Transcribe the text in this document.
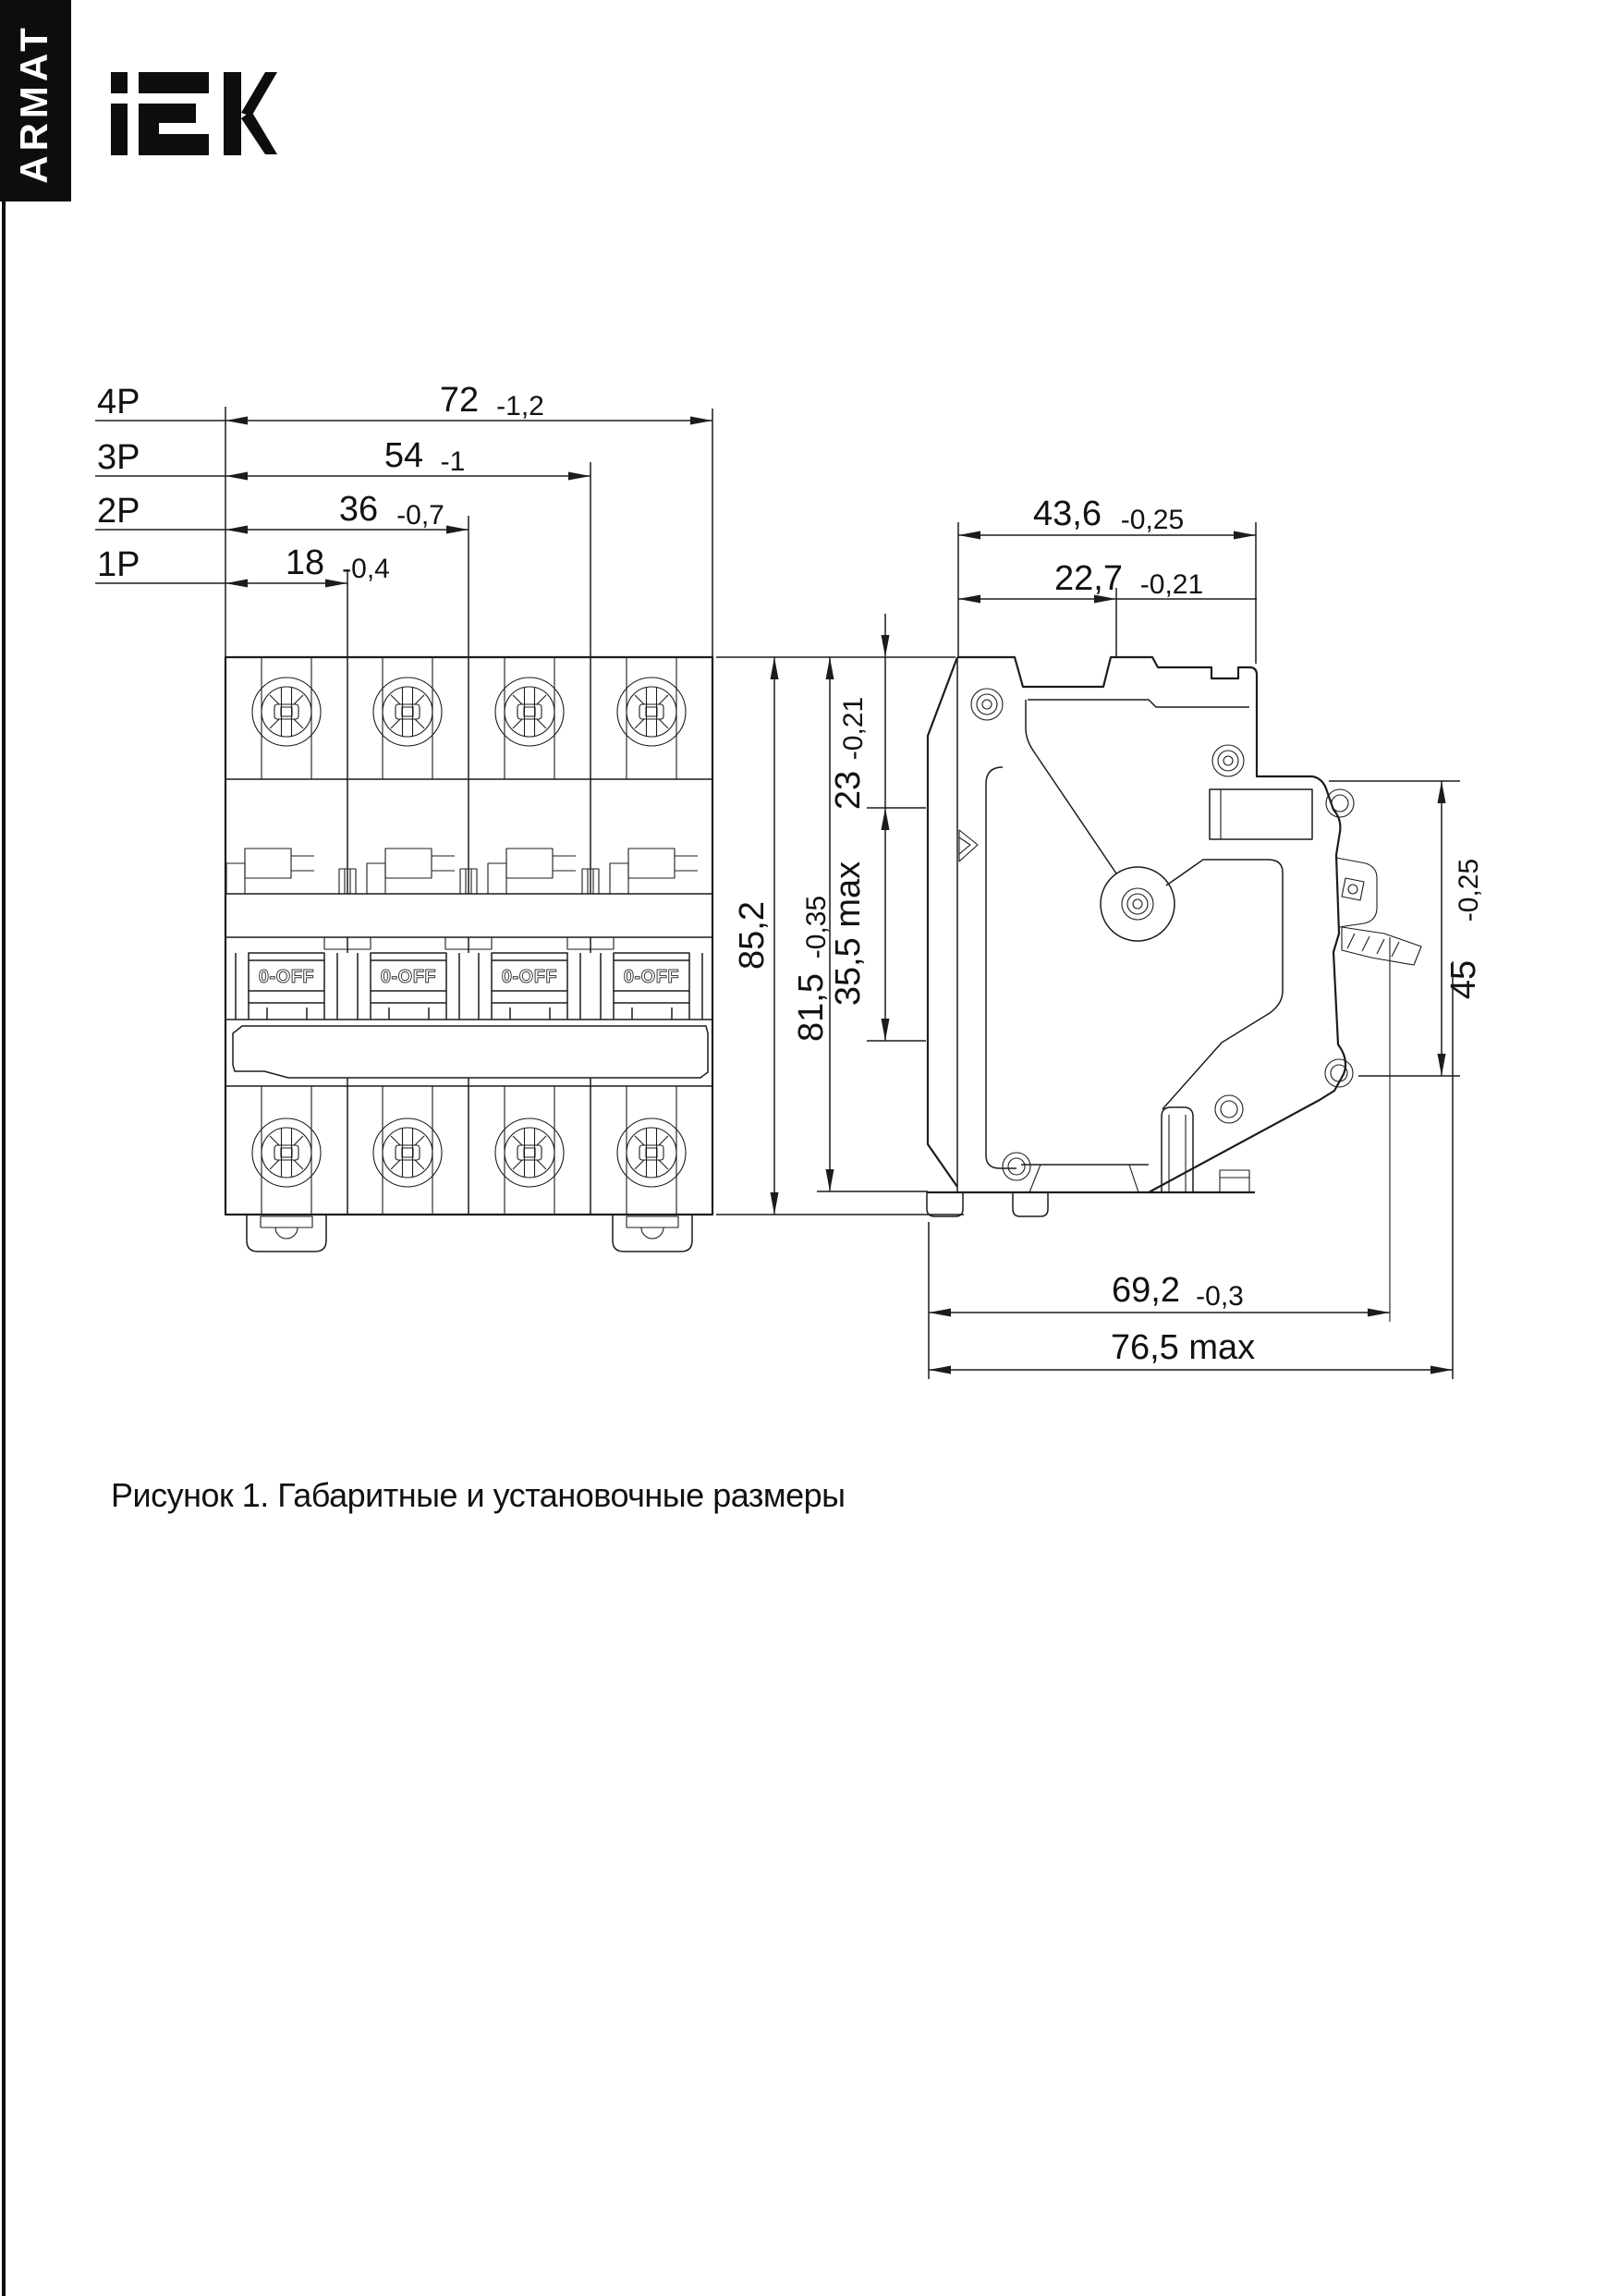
ARMAT
4P
3P
2P
1P
72 -1,2
54 -1
36 -0,7
18 -0,4
0-OFF	0-OFF	0-OFF	0-OFF
85,2
43,6 -0,25
22,7 -0,21
81,5
-0,35
23
-0,21
35,5 max	45
-0,25
69,2 -0,3
76,5 max
Рисунок 1. Габаритные и установочные размеры
